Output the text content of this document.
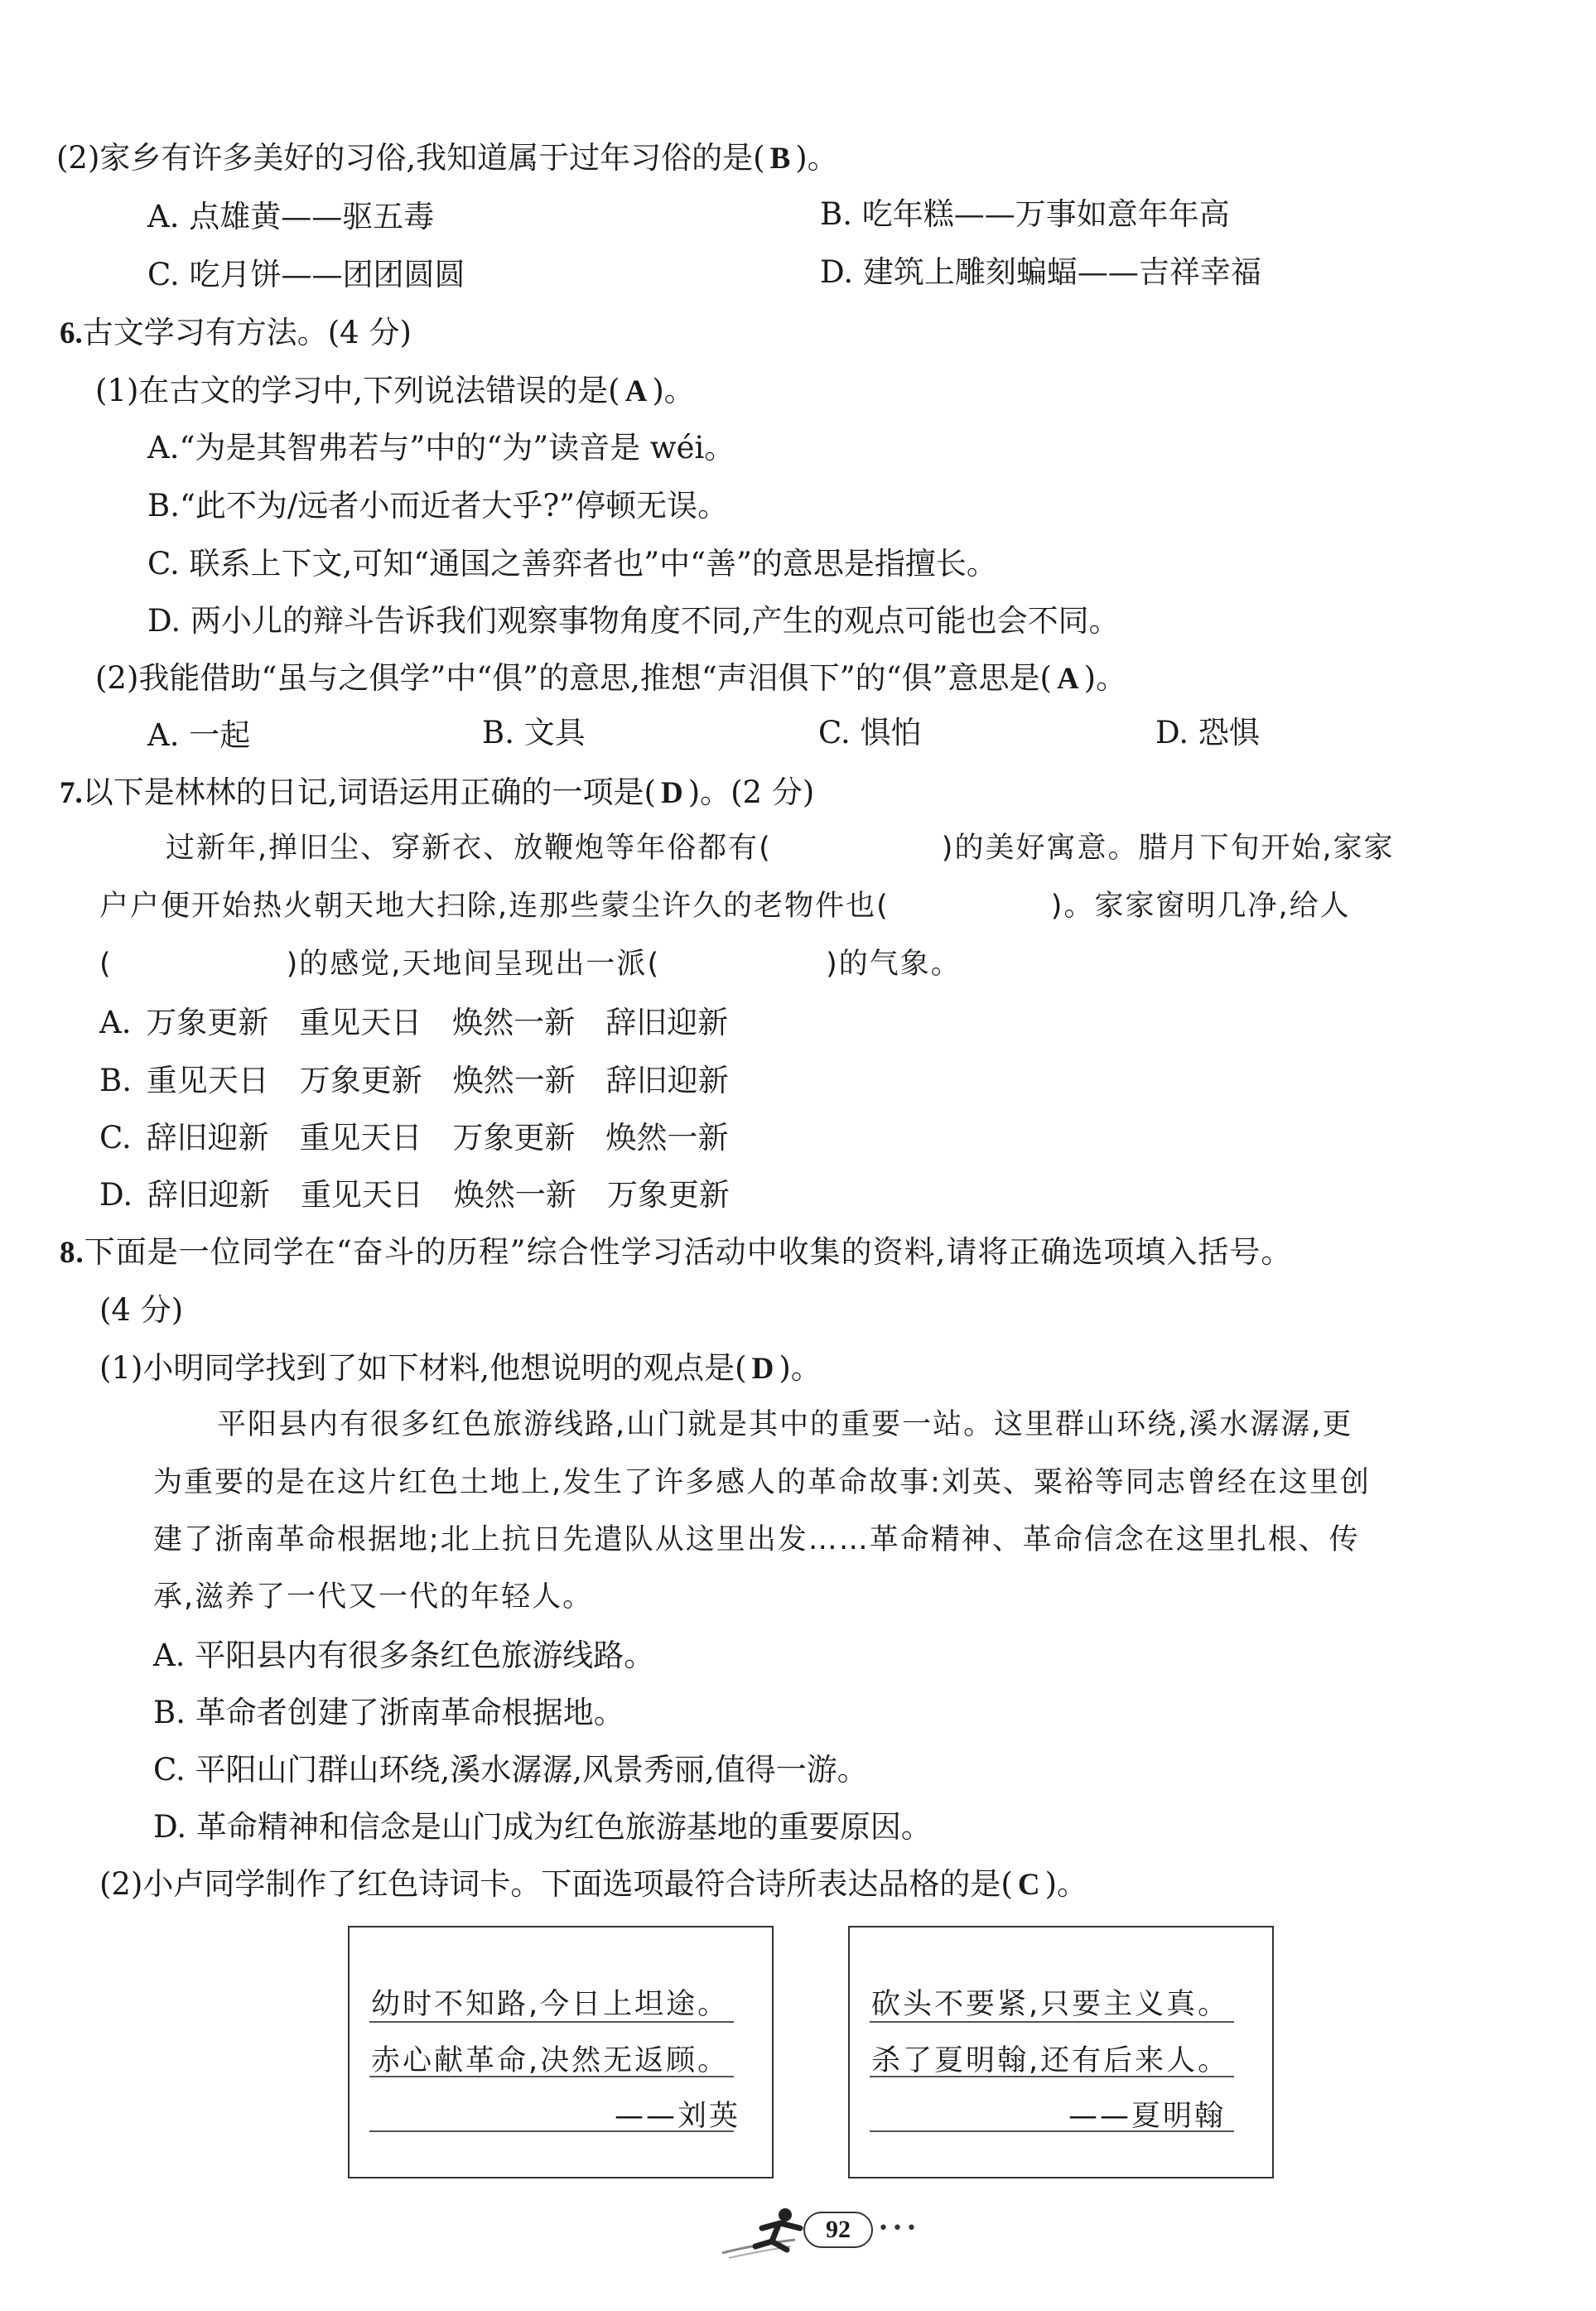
(2)家乡有许多美好的习俗,我知道属于过年习俗的是( B )。
A. 点雄黄——驱五毒	B. 吃年糕——万事如意年年高
C. 吃月饼——团团圆圆	D. 建筑上雕刻蝙蝠——吉祥幸福
6.古文学习有方法。(4 分)
(1)在古文的学习中,下列说法错误的是( A )。
A.“为是其智弗若与”中的“为”读音是 wéi。
B.“此不为/远者小而近者大乎?”停顿无误。
C. 联系上下文,可知“通国之善弈者也”中“善”的意思是指擅长。
D. 两小儿的辩斗告诉我们观察事物角度不同,产生的观点可能也会不同。
(2)我能借助“虽与之俱学”中“俱”的意思,推想“声泪俱下”的“俱”意思是( A )。
A. 一起	B. 文具	C. 惧怕	D. 恐惧
7.以下是林林的日记,词语运用正确的一项是( D )。(2 分)
过新年,掸旧尘、穿新衣、放鞭炮等年俗都有(	)的美好寓意。腊月下旬开始,家家
户户便开始热火朝天地大扫除,连那些蒙尘许久的老物件也(	)。家家窗明几净,给人
(	)的感觉,天地间呈现出一派(	)的气象。
A. 万象更新　重见天日　焕然一新　辞旧迎新
B. 重见天日　万象更新　焕然一新　辞旧迎新
C. 辞旧迎新　重见天日　万象更新　焕然一新
D. 辞旧迎新　重见天日　焕然一新　万象更新
8.下面是一位同学在“奋斗的历程”综合性学习活动中收集的资料,请将正确选项填入括号。
(4 分)
(1)小明同学找到了如下材料,他想说明的观点是( D )。
平阳县内有很多红色旅游线路,山门就是其中的重要一站。这里群山环绕,溪水潺潺,更
为重要的是在这片红色土地上,发生了许多感人的革命故事:刘英、粟裕等同志曾经在这里创
建了浙南革命根据地;北上抗日先遣队从这里出发……革命精神、革命信念在这里扎根、传
承,滋养了一代又一代的年轻人。
A. 平阳县内有很多条红色旅游线路。
B. 革命者创建了浙南革命根据地。
C. 平阳山门群山环绕,溪水潺潺,风景秀丽,值得一游。
D. 革命精神和信念是山门成为红色旅游基地的重要原因。
(2)小卢同学制作了红色诗词卡。下面选项最符合诗所表达品格的是( C )。
幼时不知路,今日上坦途。
赤心献革命,决然无返顾。
——刘英
砍头不要紧,只要主义真。
杀了夏明翰,还有后来人。
——夏明翰
92	•••
